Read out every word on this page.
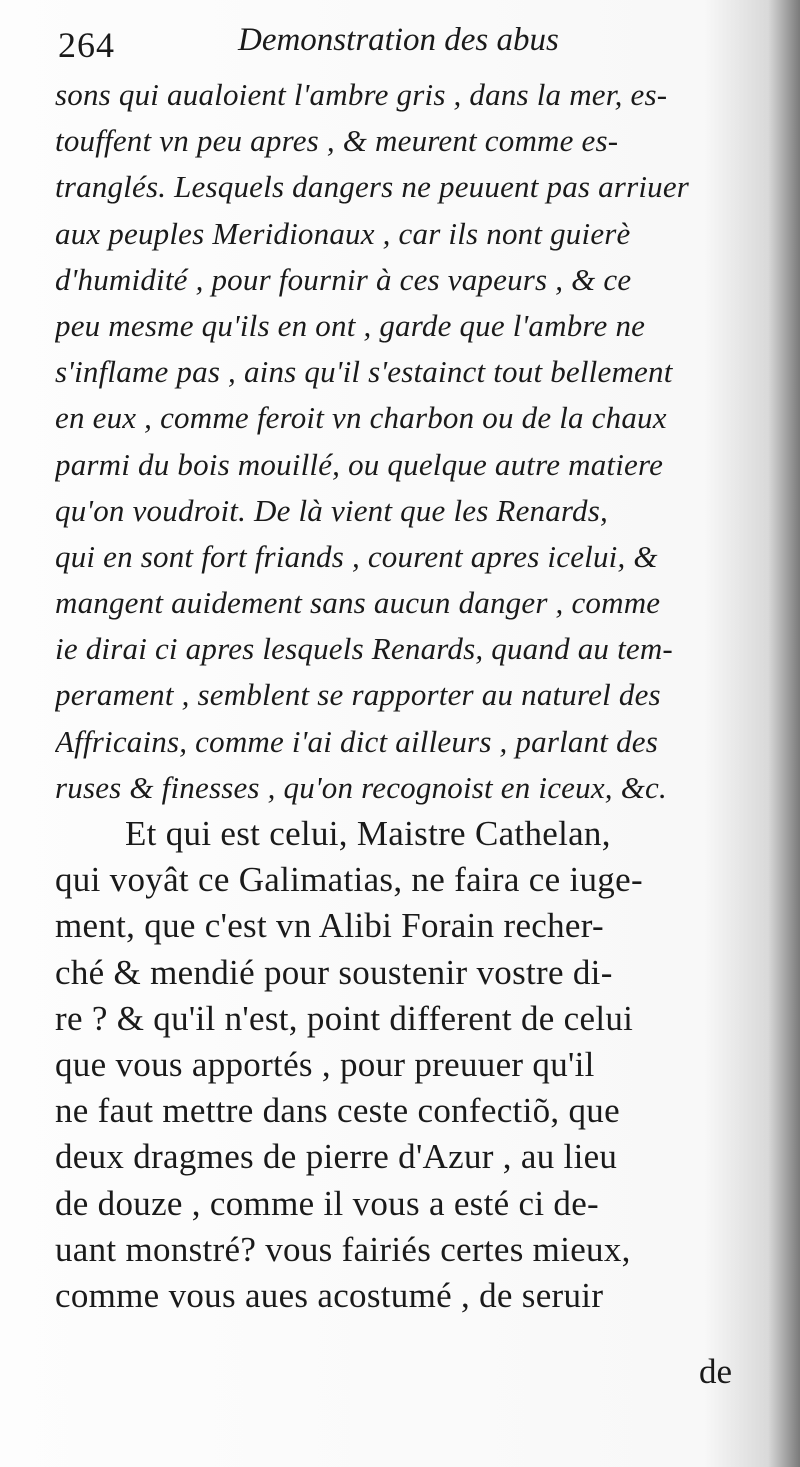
264	Demonstration des abus
sons qui aualoient l'ambre gris , dans la mer, es-
touffent vn peu apres , & meurent comme es-
tranglés. Lesquels dangers ne peuuent pas arriuer
aux peuples Meridionaux , car ils nont guierè
d'humidité , pour fournir à ces vapeurs , & ce
peu mesme qu'ils en ont , garde que l'ambre ne
s'inflame pas , ains qu'il s'estainct tout bellement
en eux , comme feroit vn charbon ou de la chaux
parmi du bois mouillé, ou quelque autre matiere
qu'on voudroit. De là vient que les Renards,
qui en sont fort friands , courent apres icelui, &
mangent auidement sans aucun danger , comme
ie dirai ci apres lesquels Renards, quand au tem-
perament , semblent se rapporter au naturel des
Affricains, comme i'ai dict ailleurs , parlant des
ruses & finesses , qu'on recognoist en iceux, &c.
Et qui est celui, Maistre Cathelan,
qui voyât ce Galimatias, ne faira ce iuge-
ment, que c'est vn Alibi Forain recher-
ché & mendié pour soustenir vostre di-
re ? & qu'il n'est, point different de celui
que vous apportés , pour preuuer qu'il
ne faut mettre dans ceste confectiõ, que
deux dragmes de pierre d'Azur , au lieu
de douze , comme il vous a esté ci de-
uant monstré? vous fairiés certes mieux,
comme vous aues acostumé , de seruir
de
